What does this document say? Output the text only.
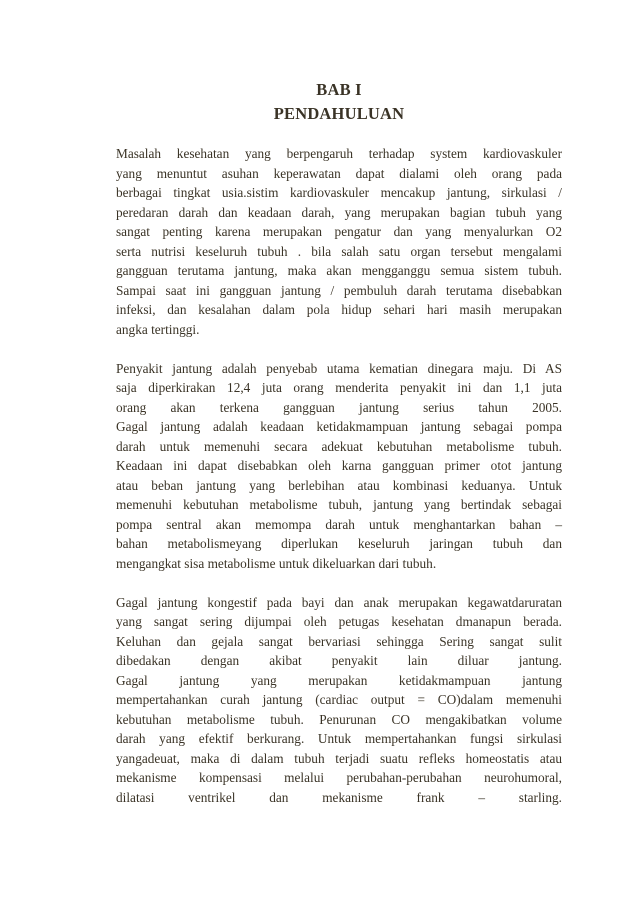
BAB I
PENDAHULUAN
Masalah kesehatan yang berpengaruh terhadap system kardiovaskuler
yang menuntut asuhan keperawatan dapat dialami oleh orang pada
berbagai tingkat usia.sistim kardiovaskuler mencakup jantung, sirkulasi /
peredaran darah dan keadaan darah, yang merupakan bagian tubuh yang
sangat penting karena merupakan pengatur dan yang menyalurkan O2
serta nutrisi keseluruh tubuh . bila salah satu organ tersebut mengalami
gangguan terutama jantung, maka akan mengganggu semua sistem tubuh.
Sampai saat ini gangguan jantung / pembuluh darah terutama disebabkan
infeksi, dan kesalahan dalam pola hidup sehari hari masih merupakan
angka tertinggi.
Penyakit jantung adalah penyebab utama kematian dinegara maju. Di AS
saja diperkirakan 12,4 juta orang menderita penyakit ini dan 1,1 juta
orang akan terkena gangguan jantung serius tahun 2005.
Gagal jantung adalah keadaan ketidakmampuan jantung sebagai pompa
darah untuk memenuhi secara adekuat kebutuhan metabolisme tubuh.
Keadaan ini dapat disebabkan oleh karna gangguan primer otot jantung
atau beban jantung yang berlebihan atau kombinasi keduanya. Untuk
memenuhi kebutuhan metabolisme tubuh, jantung yang bertindak sebagai
pompa sentral akan memompa darah untuk menghantarkan bahan –
bahan metabolismeyang diperlukan keseluruh jaringan tubuh dan
mengangkat sisa metabolisme untuk dikeluarkan dari tubuh.
Gagal jantung kongestif pada bayi dan anak merupakan kegawatdaruratan
yang sangat sering dijumpai oleh petugas kesehatan dmanapun berada.
Keluhan dan gejala sangat bervariasi sehingga Sering sangat sulit
dibedakan dengan akibat penyakit lain diluar jantung.
Gagal jantung yang merupakan ketidakmampuan jantung
mempertahankan curah jantung (cardiac output = CO)dalam memenuhi
kebutuhan metabolisme tubuh. Penurunan CO mengakibatkan volume
darah yang efektif berkurang. Untuk mempertahankan fungsi sirkulasi
yangadeuat, maka di dalam tubuh terjadi suatu refleks homeostatis atau
mekanisme kompensasi melalui perubahan-perubahan neurohumoral,
dilatasi ventrikel dan mekanisme frank – starling.
